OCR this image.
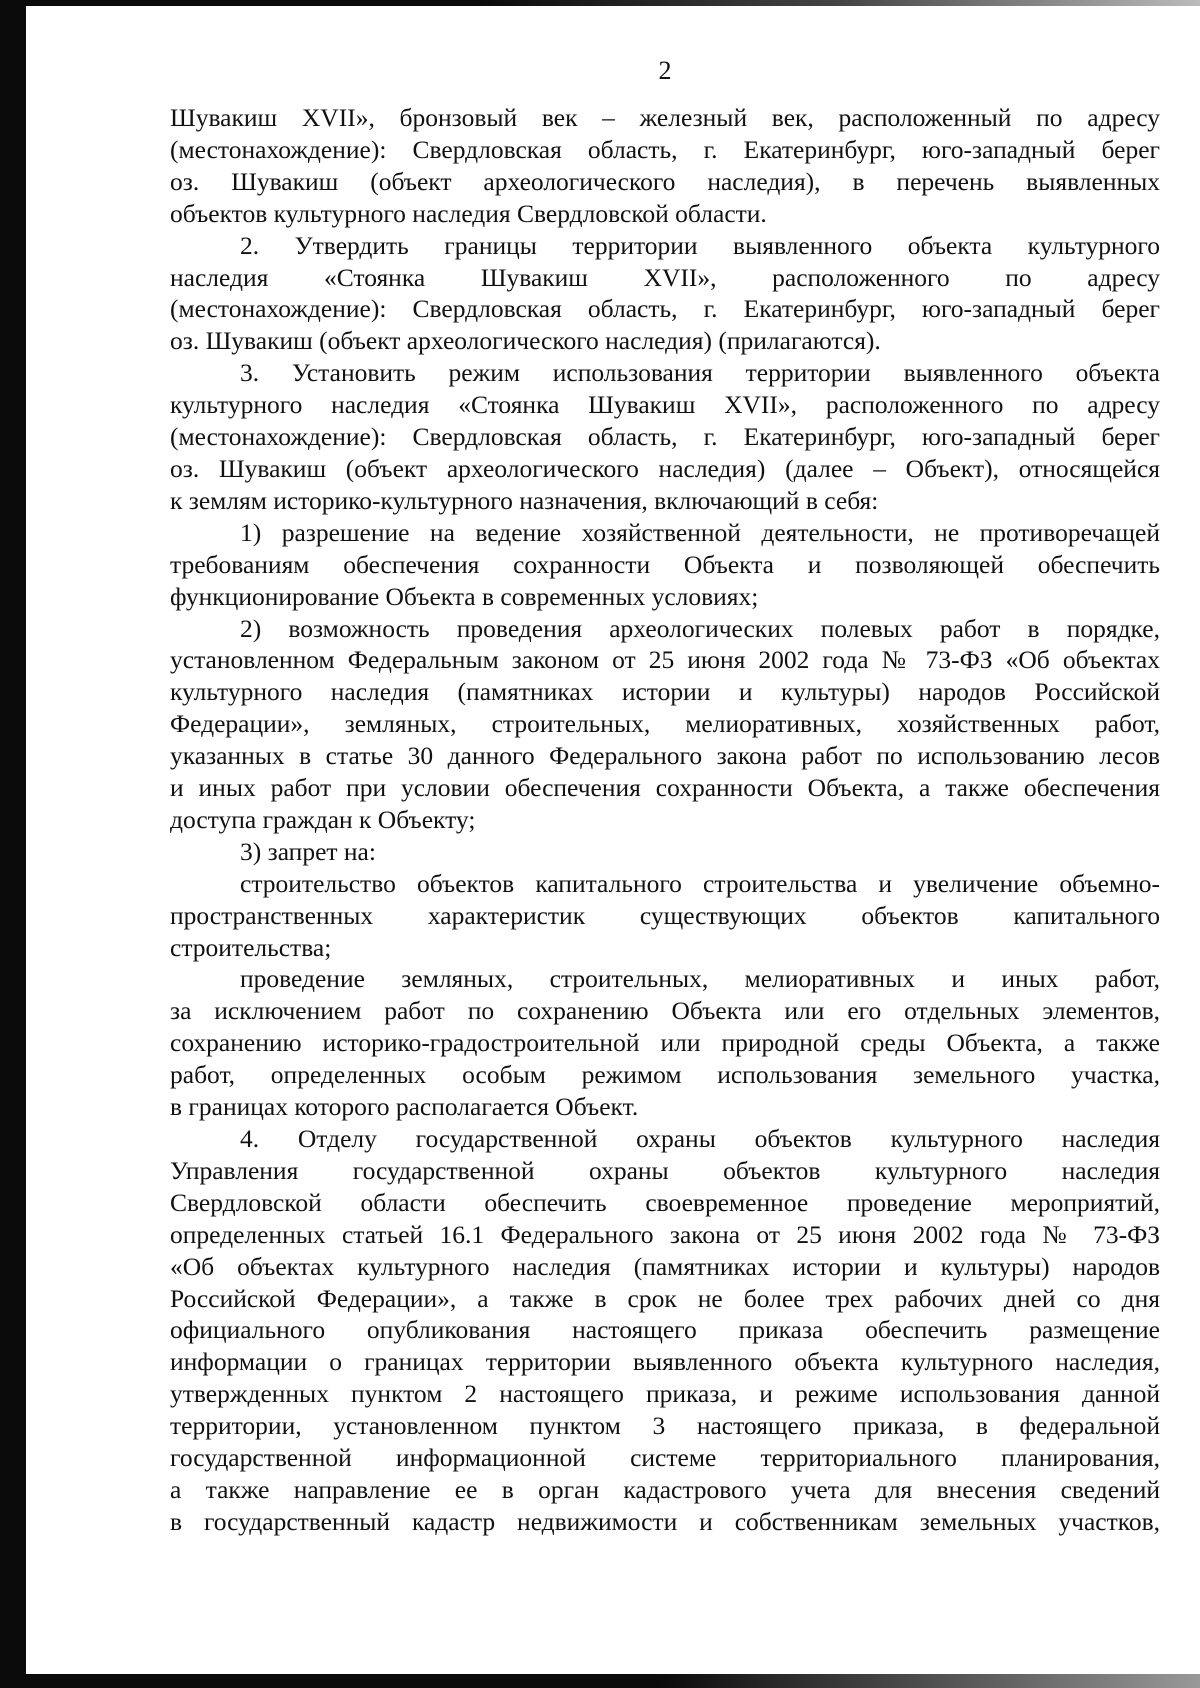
2

Шувакиш XVII», бронзовый век – железный век, расположенный по адресу
(местонахождение): Свердловская область, г. Екатеринбург, юго-западный берег
оз. Шувакиш (объект археологического наследия), в перечень выявленных
объектов культурного наследия Свердловской области.

2. Утвердить границы территории выявленного объекта культурного
наследия «Стоянка Шувакиш XVII», расположенного по адресу
(местонахождение): Свердловская область, г. Екатеринбург, юго-западный берег
оз. Шувакиш (объект археологического наследия) (прилагаются).

3. Установить режим использования территории выявленного объекта
культурного наследия «Стоянка Шувакиш XVII», расположенного по адресу
(местонахождение): Свердловская область, г. Екатеринбург, юго-западный берег
оз. Шувакиш (объект археологического наследия) (далее – Объект), относящейся
к землям историко-культурного назначения, включающий в себя:

1) разрешение на ведение хозяйственной деятельности, не противоречащей
требованиям обеспечения сохранности Объекта и позволяющей обеспечить
функционирование Объекта в современных условиях;

2) возможность проведения археологических полевых работ в порядке,
установленном Федеральным законом от 25 июня 2002 года № 73-ФЗ «Об объектах
культурного наследия (памятниках истории и культуры) народов Российской
Федерации», земляных, строительных, мелиоративных, хозяйственных работ,
указанных в статье 30 данного Федерального закона работ по использованию лесов
и иных работ при условии обеспечения сохранности Объекта, а также обеспечения
доступа граждан к Объекту;

3) запрет на:

строительство объектов капитального строительства и увеличение объемно-
пространственных характеристик существующих объектов капитального
строительства;

проведение земляных, строительных, мелиоративных и иных работ,
за исключением работ по сохранению Объекта или его отдельных элементов,
сохранению историко-градостроительной или природной среды Объекта, а также
работ, определенных особым режимом использования земельного участка,
в границах которого располагается Объект.

4. Отделу государственной охраны объектов культурного наследия
Управления государственной охраны объектов культурного наследия
Свердловской области обеспечить своевременное проведение мероприятий,
определенных статьей 16.1 Федерального закона от 25 июня 2002 года № 73-ФЗ
«Об объектах культурного наследия (памятниках истории и культуры) народов
Российской Федерации», а также в срок не более трех рабочих дней со дня
официального опубликования настоящего приказа обеспечить размещение
информации о границах территории выявленного объекта культурного наследия,
утвержденных пунктом 2 настоящего приказа, и режиме использования данной
территории, установленном пунктом 3 настоящего приказа, в федеральной
государственной информационной системе территориального планирования,
а также направление ее в орган кадастрового учета для внесения сведений
в государственный кадастр недвижимости и собственникам земельных участков,
